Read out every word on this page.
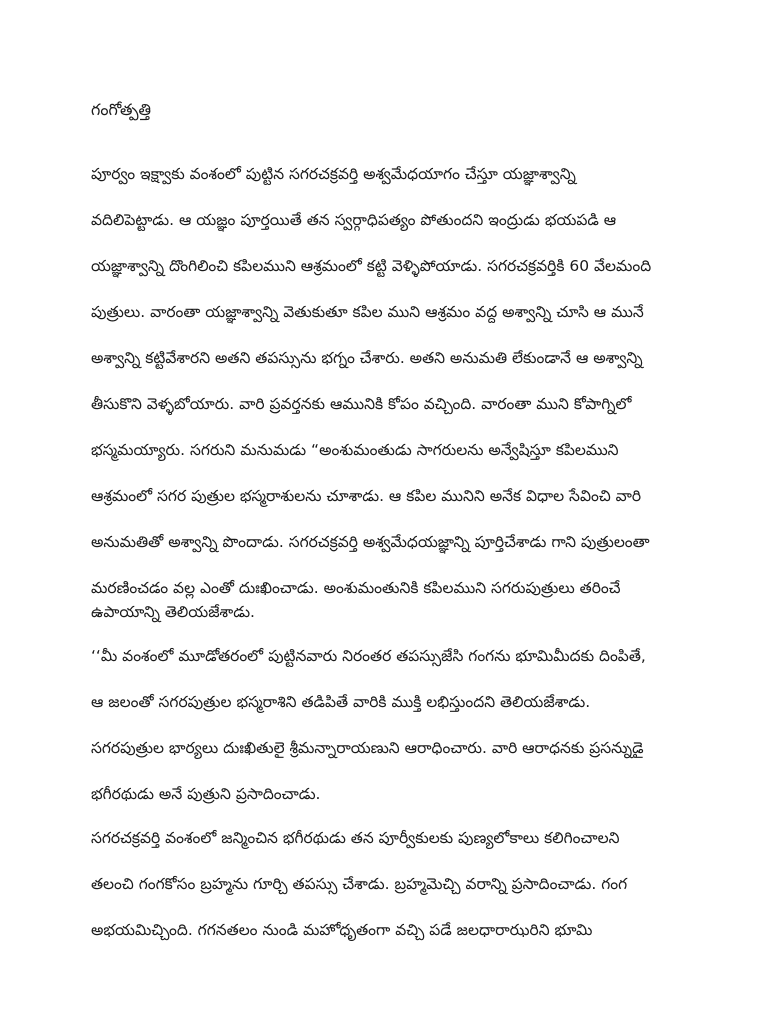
గంగోత్పత్తి
పూర్వం ఇక్ష్వాకు వంశంలో పుట్టిన సగరచక్రవర్తి అశ్వమేధయాగం చేస్తూ యజ్ఞాశ్వాన్ని
వదిలిపెట్టాడు. ఆ యజ్ఞం పూర్తయితే తన స్వర్గాధిపత్యం పోతుందని ఇంద్రుడు భయపడి ఆ
యజ్ఞాశ్వాన్ని దొంగిలించి కపిలముని ఆశ్రమంలో కట్టి వెళ్ళిపోయాడు. సగరచక్రవర్తికి 60 వేలమంది
పుత్రులు. వారంతా యజ్ఞాశ్వాన్ని వెతుకుతూ కపిల ముని ఆశ్రమం వద్ద అశ్వాన్ని చూసి ఆ మునే
అశ్వాన్ని కట్టివేశారని అతని తపస్సును భగ్నం చేశారు. అతని అనుమతి లేకుండానే ఆ అశ్వాన్ని
తీసుకొని వెళ్ళబోయారు. వారి ప్రవర్తనకు ఆమునికి కోపం వచ్చింది. వారంతా ముని కోపాగ్నిలో
భస్మమయ్యారు. సగరుని మనుమడు “అంశుమంతుడు సాగరులను అన్వేషిస్తూ కపిలముని
ఆశ్రమంలో సగర పుత్రుల భస్మరాశులను చూశాడు. ఆ కపిల మునిని అనేక విధాల సేవించి వారి
అనుమతితో అశ్వాన్ని పొందాడు. సగరచక్రవర్తి అశ్వమేధయజ్ఞాన్ని పూర్తిచేశాడు గాని పుత్రులంతా
మరణించడం వల్ల ఎంతో దుఃఖించాడు. అంశుమంతునికి కపిలముని సగరుపుత్రులు తరించే
ఉపాయాన్ని తెలియజేశాడు.
‘‘మీ వంశంలో మూడోతరంలో పుట్టినవారు నిరంతర తపస్సుజేసి గంగను భూమిమీదకు దింపితే,
ఆ జలంతో సగరపుత్రుల భస్మరాశిని తడిపితే వారికి ముక్తి లభిస్తుందని తెలియజేశాడు.
సగరపుత్రుల భార్యలు దుఃఖితులై శ్రీమన్నారాయణుని ఆరాధించారు. వారి ఆరాధనకు ప్రసన్నుడై
భగీరథుడు అనే పుత్రుని ప్రసాదించాడు.
సగరచక్రవర్తి వంశంలో జన్మించిన భగీరథుడు తన పూర్వీకులకు పుణ్యలోకాలు కలిగించాలని
తలంచి గంగకోసం బ్రహ్మను గూర్చి తపస్సు చేశాడు. బ్రహ్మమెచ్చి వరాన్ని ప్రసాదించాడు. గంగ
అభయమిచ్చింది. గగనతలం నుండి మహోధృతంగా వచ్చి పడే జలధారాఝరిని భూమి
